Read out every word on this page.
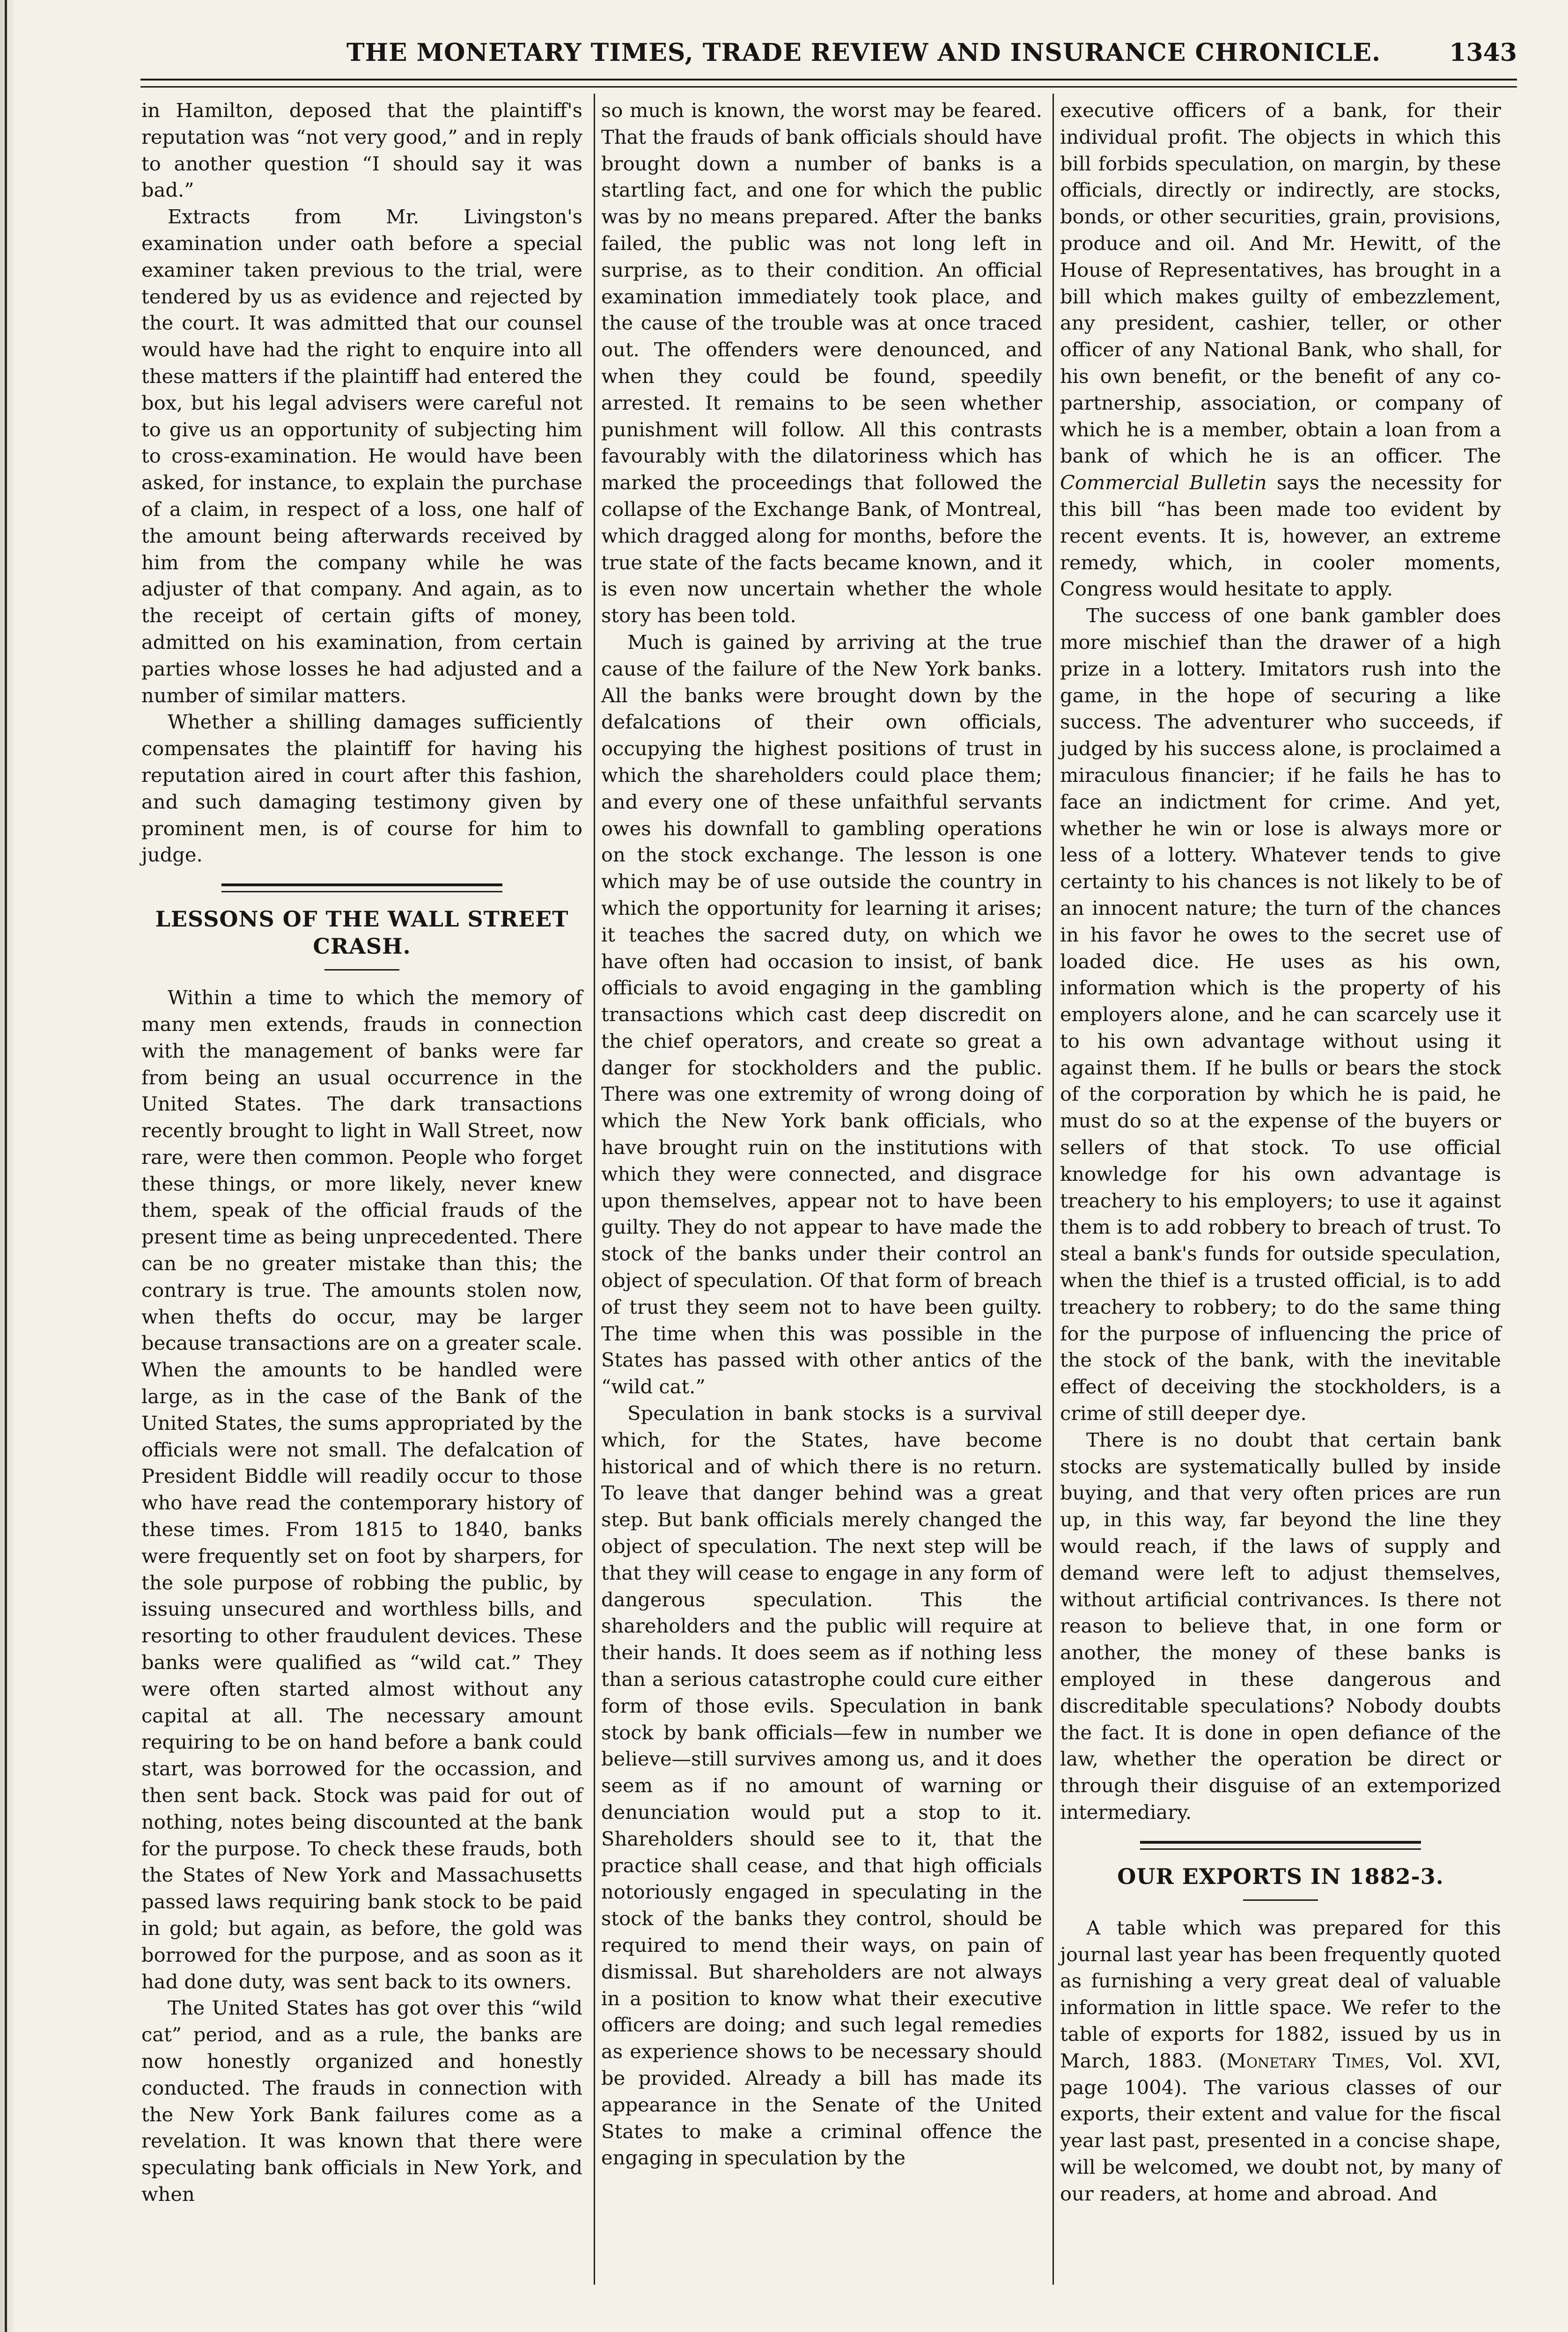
THE MONETARY TIMES, TRADE REVIEW AND INSURANCE CHRONICLE.	1343

in Hamilton, deposed that the plaintiff's reputation was “not very good,” and in reply to another question “I should say it was bad.”

Extracts from Mr. Livingston's examination under oath before a special examiner taken previous to the trial, were tendered by us as evidence and rejected by the court. It was admitted that our counsel would have had the right to enquire into all these matters if the plaintiff had entered the box, but his legal advisers were careful not to give us an opportunity of subjecting him to cross-examination. He would have been asked, for instance, to explain the purchase of a claim, in respect of a loss, one half of the amount being afterwards received by him from the company while he was adjuster of that company. And again, as to the receipt of certain gifts of money, admitted on his examination, from certain parties whose losses he had adjusted and a number of similar matters.

Whether a shilling damages sufficiently compensates the plaintiff for having his reputation aired in court after this fashion, and such damaging testimony given by prominent men, is of course for him to judge.

LESSONS OF THE WALL STREET CRASH.

Within a time to which the memory of many men extends, frauds in connection with the management of banks were far from being an usual occurrence in the United States. The dark transactions recently brought to light in Wall Street, now rare, were then common. People who forget these things, or more likely, never knew them, speak of the official frauds of the present time as being unprecedented. There can be no greater mistake than this; the contrary is true. The amounts stolen now, when thefts do occur, may be larger because transactions are on a greater scale. When the amounts to be handled were large, as in the case of the Bank of the United States, the sums appropriated by the officials were not small. The defalcation of President Biddle will readily occur to those who have read the contemporary history of these times. From 1815 to 1840, banks were frequently set on foot by sharpers, for the sole purpose of robbing the public, by issuing unsecured and worthless bills, and resorting to other fraudulent devices. These banks were qualified as “wild cat.” They were often started almost without any capital at all. The necessary amount requiring to be on hand before a bank could start, was borrowed for the occassion, and then sent back. Stock was paid for out of nothing, notes being discounted at the bank for the purpose. To check these frauds, both the States of New York and Massachusetts passed laws requiring bank stock to be paid in gold; but again, as before, the gold was borrowed for the purpose, and as soon as it had done duty, was sent back to its owners.

The United States has got over this “wild cat” period, and as a rule, the banks are now honestly organized and honestly conducted. The frauds in connection with the New York Bank failures come as a revelation. It was known that there were speculating bank officials in New York, and when

so much is known, the worst may be feared. That the frauds of bank officials should have brought down a number of banks is a startling fact, and one for which the public was by no means prepared. After the banks failed, the public was not long left in surprise, as to their condition. An official examination immediately took place, and the cause of the trouble was at once traced out. The offenders were denounced, and when they could be found, speedily arrested. It remains to be seen whether punishment will follow. All this contrasts favourably with the dilatoriness which has marked the proceedings that followed the collapse of the Exchange Bank, of Montreal, which dragged along for months, before the true state of the facts became known, and it is even now uncertain whether the whole story has been told.

Much is gained by arriving at the true cause of the failure of the New York banks. All the banks were brought down by the defalcations of their own officials, occupying the highest positions of trust in which the shareholders could place them; and every one of these unfaithful servants owes his downfall to gambling operations on the stock exchange. The lesson is one which may be of use outside the country in which the opportunity for learning it arises; it teaches the sacred duty, on which we have often had occasion to insist, of bank officials to avoid engaging in the gambling transactions which cast deep discredit on the chief operators, and create so great a danger for stockholders and the public. There was one extremity of wrong doing of which the New York bank officials, who have brought ruin on the institutions with which they were connected, and disgrace upon themselves, appear not to have been guilty. They do not appear to have made the stock of the banks under their control an object of speculation. Of that form of breach of trust they seem not to have been guilty. The time when this was possible in the States has passed with other antics of the “wild cat.”

Speculation in bank stocks is a survival which, for the States, have become historical and of which there is no return. To leave that danger behind was a great step. But bank officials merely changed the object of speculation. The next step will be that they will cease to engage in any form of dangerous speculation. This the shareholders and the public will require at their hands. It does seem as if nothing less than a serious catastrophe could cure either form of those evils. Speculation in bank stock by bank officials—few in number we believe—still survives among us, and it does seem as if no amount of warning or denunciation would put a stop to it. Shareholders should see to it, that the practice shall cease, and that high officials notoriously engaged in speculating in the stock of the banks they control, should be required to mend their ways, on pain of dismissal. But shareholders are not always in a position to know what their executive officers are doing; and such legal remedies as experience shows to be necessary should be provided. Already a bill has made its appearance in the Senate of the United States to make a criminal offence the engaging in speculation by the

executive officers of a bank, for their individual profit. The objects in which this bill forbids speculation, on margin, by these officials, directly or indirectly, are stocks, bonds, or other securities, grain, provisions, produce and oil. And Mr. Hewitt, of the House of Representatives, has brought in a bill which makes guilty of embezzlement, any president, cashier, teller, or other officer of any National Bank, who shall, for his own benefit, or the benefit of any co-partnership, association, or company of which he is a member, obtain a loan from a bank of which he is an officer. The Commercial Bulletin says the necessity for this bill “has been made too evident by recent events. It is, however, an extreme remedy, which, in cooler moments, Congress would hesitate to apply.

The success of one bank gambler does more mischief than the drawer of a high prize in a lottery. Imitators rush into the game, in the hope of securing a like success. The adventurer who succeeds, if judged by his success alone, is proclaimed a miraculous financier; if he fails he has to face an indictment for crime. And yet, whether he win or lose is always more or less of a lottery. Whatever tends to give certainty to his chances is not likely to be of an innocent nature; the turn of the chances in his favor he owes to the secret use of loaded dice. He uses as his own, information which is the property of his employers alone, and he can scarcely use it to his own advantage without using it against them. If he bulls or bears the stock of the corporation by which he is paid, he must do so at the expense of the buyers or sellers of that stock. To use official knowledge for his own advantage is treachery to his employers; to use it against them is to add robbery to breach of trust. To steal a bank's funds for outside speculation, when the thief is a trusted official, is to add treachery to robbery; to do the same thing for the purpose of influencing the price of the stock of the bank, with the inevitable effect of deceiving the stockholders, is a crime of still deeper dye.

There is no doubt that certain bank stocks are systematically bulled by inside buying, and that very often prices are run up, in this way, far beyond the line they would reach, if the laws of supply and demand were left to adjust themselves, without artificial contrivances. Is there not reason to believe that, in one form or another, the money of these banks is employed in these dangerous and discreditable speculations? Nobody doubts the fact. It is done in open defiance of the law, whether the operation be direct or through their disguise of an extemporized intermediary.

OUR EXPORTS IN 1882-3.

A table which was prepared for this journal last year has been frequently quoted as furnishing a very great deal of valuable information in little space. We refer to the table of exports for 1882, issued by us in March, 1883. (Monetary Times, Vol. XVI, page 1004). The various classes of our exports, their extent and value for the fiscal year last past, presented in a concise shape, will be welcomed, we doubt not, by many of our readers, at home and abroad. And
